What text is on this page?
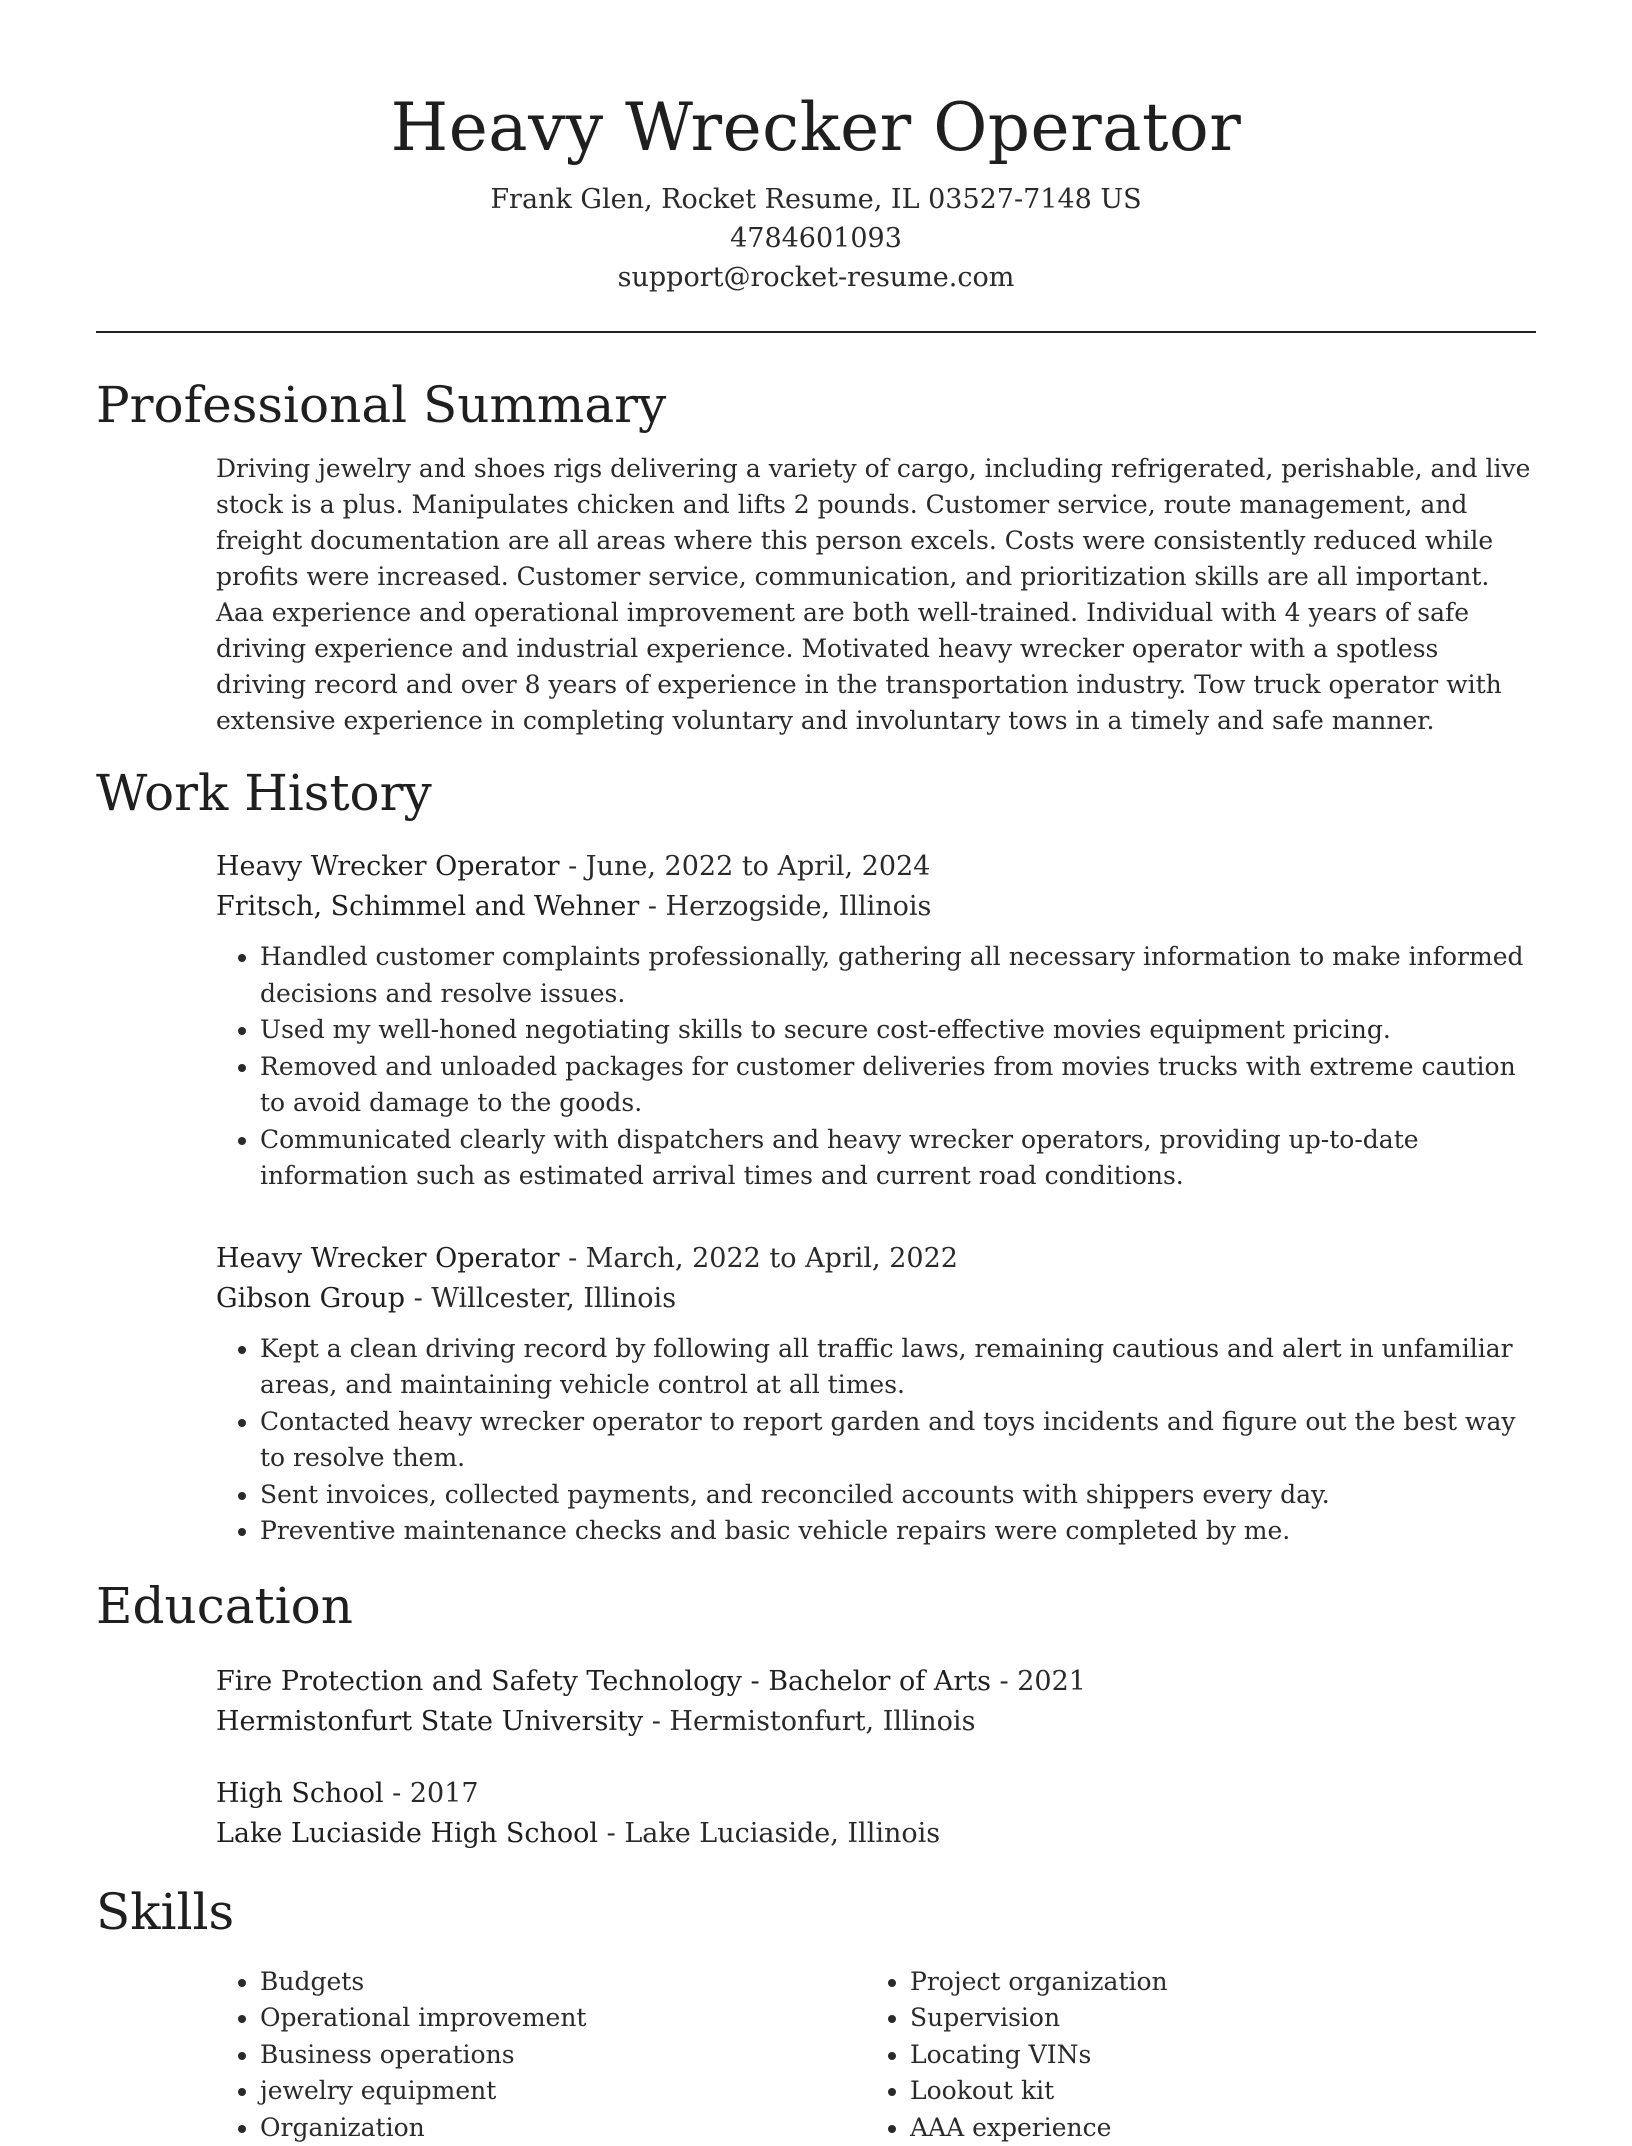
Heavy Wrecker Operator
Frank Glen, Rocket Resume, IL 03527-7148 US
4784601093
support@rocket-resume.com
Professional Summary
Driving jewelry and shoes rigs delivering a variety of cargo, including refrigerated, perishable, and live stock is a plus. Manipulates chicken and lifts 2 pounds. Customer service, route management, and freight documentation are all areas where this person excels. Costs were consistently reduced while profits were increased. Customer service, communication, and prioritization skills are all important. Aaa experience and operational improvement are both well-trained. Individual with 4 years of safe driving experience and industrial experience. Motivated heavy wrecker operator with a spotless driving record and over 8 years of experience in the transportation industry. Tow truck operator with extensive experience in completing voluntary and involuntary tows in a timely and safe manner.
Work History
Heavy Wrecker Operator - June, 2022 to April, 2024
Fritsch, Schimmel and Wehner - Herzogside, Illinois
• Handled customer complaints professionally, gathering all necessary information to make informed decisions and resolve issues.
• Used my well-honed negotiating skills to secure cost-effective movies equipment pricing.
• Removed and unloaded packages for customer deliveries from movies trucks with extreme caution to avoid damage to the goods.
• Communicated clearly with dispatchers and heavy wrecker operators, providing up-to-date information such as estimated arrival times and current road conditions.
Heavy Wrecker Operator - March, 2022 to April, 2022
Gibson Group - Willcester, Illinois
• Kept a clean driving record by following all traffic laws, remaining cautious and alert in unfamiliar areas, and maintaining vehicle control at all times.
• Contacted heavy wrecker operator to report garden and toys incidents and figure out the best way to resolve them.
• Sent invoices, collected payments, and reconciled accounts with shippers every day.
• Preventive maintenance checks and basic vehicle repairs were completed by me.
Education
Fire Protection and Safety Technology - Bachelor of Arts - 2021
Hermistonfurt State University - Hermistonfurt, Illinois
High School - 2017
Lake Luciaside High School - Lake Luciaside, Illinois
Skills
• Budgets
• Operational improvement
• Business operations
• jewelry equipment
• Organization
• Project organization
• Supervision
• Locating VINs
• Lookout kit
• AAA experience
